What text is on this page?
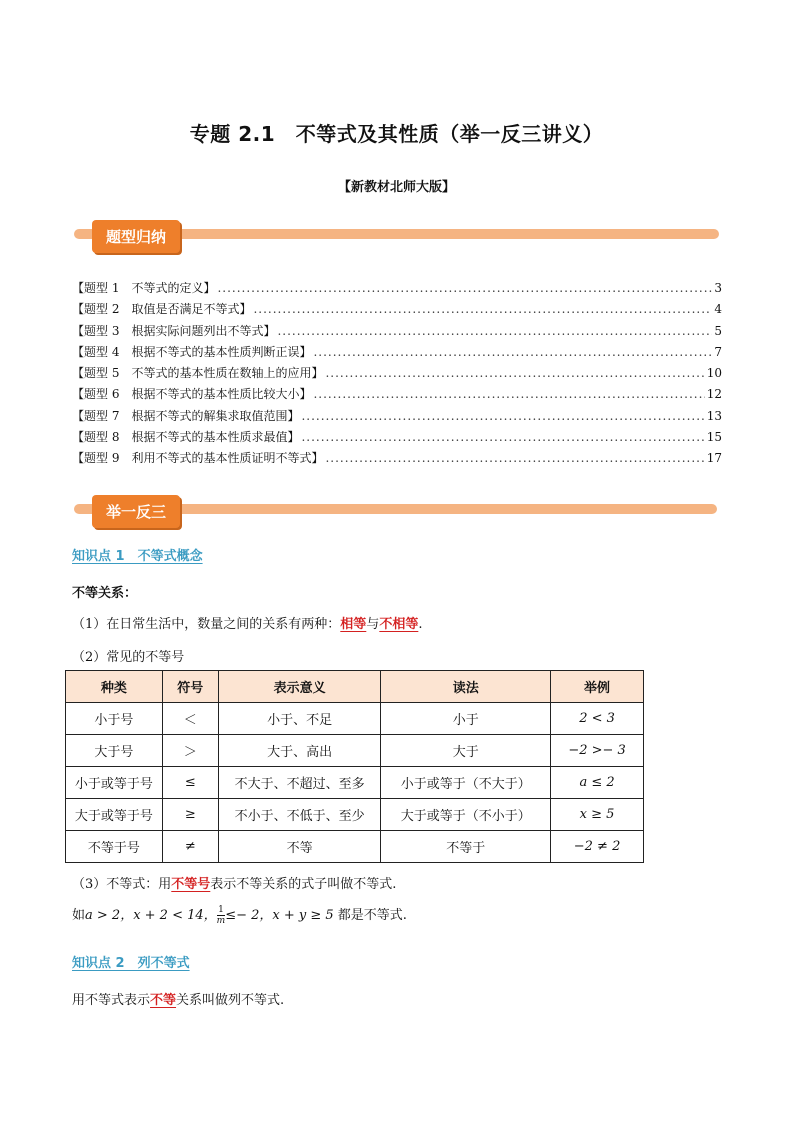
专题 2.1　不等式及其性质（举一反三讲义）
【新教材北师大版】
题型归纳
【题型 1　不等式的定义】 .....	3
【题型 2　取值是否满足不等式】 .....	4
【题型 3　根据实际问题列出不等式】 .....	5
【题型 4　根据不等式的基本性质判断正误】 .....	7
【题型 5　不等式的基本性质在数轴上的应用】 .....	10
【题型 6　根据不等式的基本性质比较大小】 .....	12
【题型 7　根据不等式的解集求取值范围】 .....	13
【题型 8　根据不等式的基本性质求最值】 .....	15
【题型 9　利用不等式的基本性质证明不等式】 .....	17
举一反三
知识点 1　不等式概念
不等关系：
（1）在日常生活中，数量之间的关系有两种：相等与不相等.
（2）常见的不等号
种类	符号	表示意义	读法	举例
小于号	＜	小于、不足	小于	2 < 3
大于号	＞	大于、高出	大于	−2 >− 3
小于或等于号	≤	不大于、不超过、至多	小于或等于（不大于）	a ≤ 2
大于或等于号	≥	不小于、不低于、至少	大于或等于（不小于）	x ≥ 5
不等于号	≠	不等	不等于	−2 ≠ 2
（3）不等式：用不等号表示不等关系的式子叫做不等式.
如a > 2，x + 2 < 14， $\frac{1}{m} \le- 2$，x + y ≥ 5 都是不等式.
知识点 2　列不等式
用不等式表示不等关系叫做列不等式.
